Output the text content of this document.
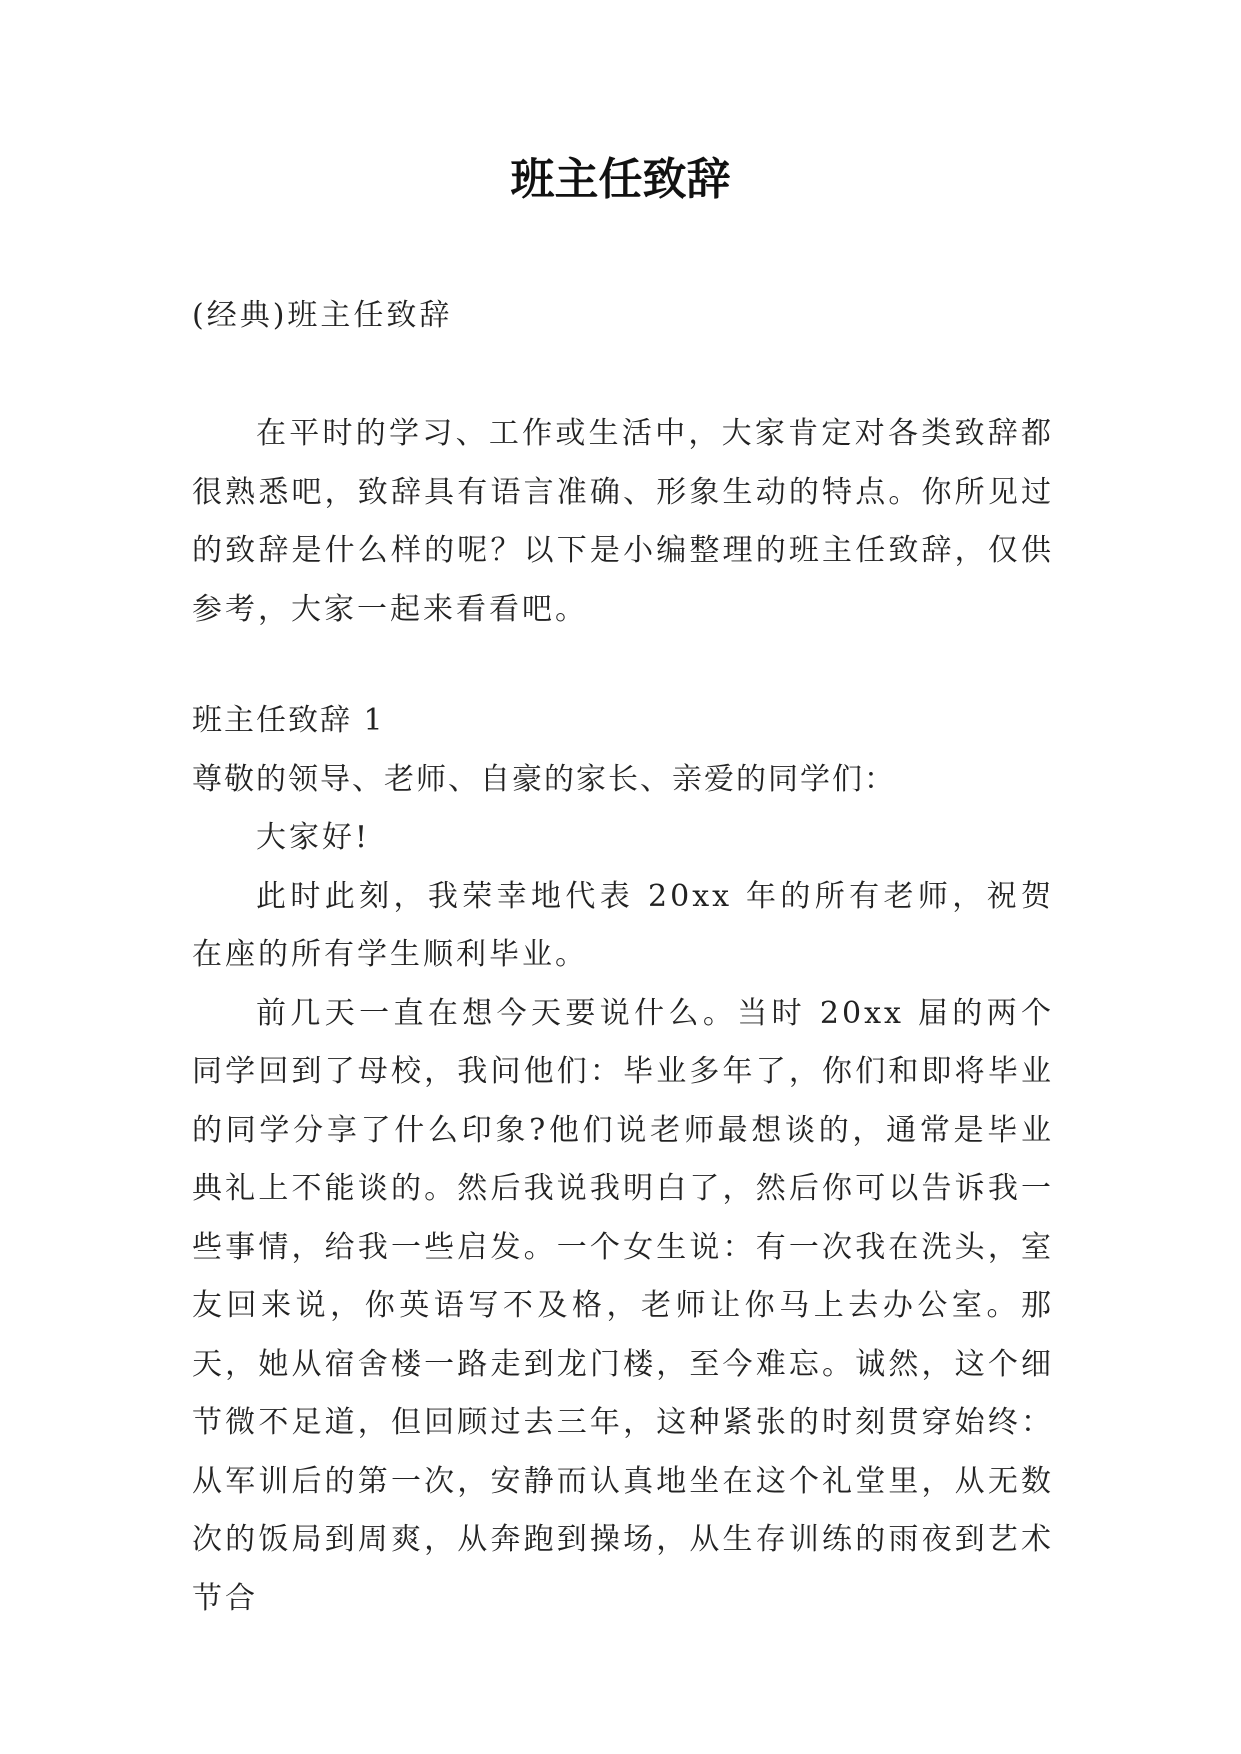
班主任致辞

(经典)班主任致辞

在平时的学习、工作或生活中，大家肯定对各类致辞都很熟悉吧，致辞具有语言准确、形象生动的特点。你所见过的致辞是什么样的呢？以下是小编整理的班主任致辞，仅供参考，大家一起来看看吧。

班主任致辞 1

尊敬的领导、老师、自豪的家长、亲爱的同学们：

大家好!

此时此刻，我荣幸地代表 20xx 年的所有老师，祝贺在座的所有学生顺利毕业。

前几天一直在想今天要说什么。当时 20xx 届的两个同学回到了母校，我问他们：毕业多年了，你们和即将毕业的同学分享了什么印象?他们说老师最想谈的，通常是毕业典礼上不能谈的。然后我说我明白了，然后你可以告诉我一些事情，给我一些启发。一个女生说：有一次我在洗头，室友回来说，你英语写不及格，老师让你马上去办公室。那天，她从宿舍楼一路走到龙门楼，至今难忘。诚然，这个细节微不足道，但回顾过去三年，这种紧张的时刻贯穿始终：从军训后的第一次，安静而认真地坐在这个礼堂里，从无数次的饭局到周爽，从奔跑到操场，从生存训练的雨夜到艺术节合
